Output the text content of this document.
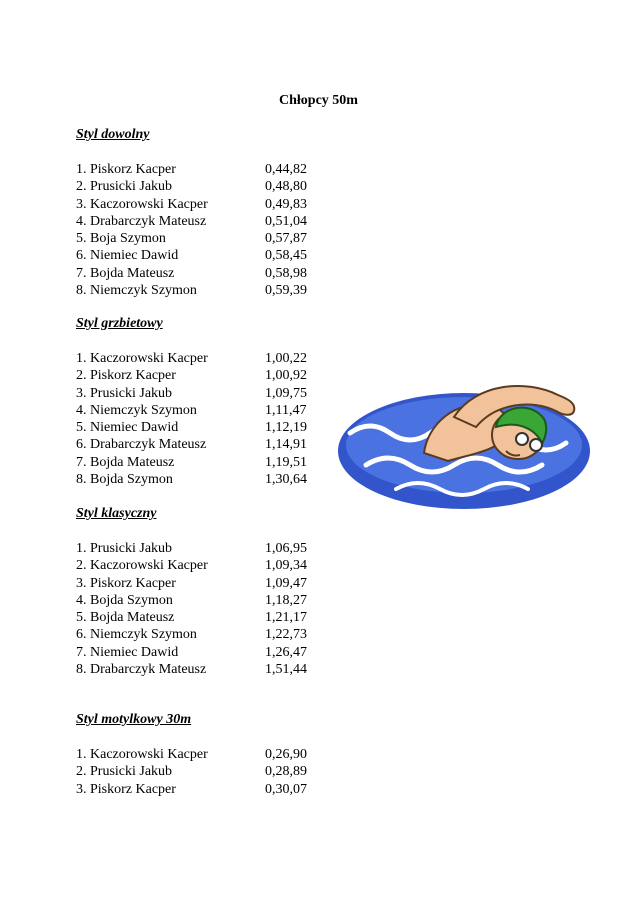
Chłopcy 50m
Styl dowolny
1. Piskorz Kacper	0,44,82
2. Prusicki Jakub	0,48,80
3. Kaczorowski Kacper	0,49,83
4. Drabarczyk Mateusz	0,51,04
5. Boja Szymon	0,57,87
6. Niemiec Dawid	0,58,45
7. Bojda Mateusz	0,58,98
8. Niemczyk Szymon	0,59,39
Styl grzbietowy
1. Kaczorowski Kacper	1,00,22
2. Piskorz Kacper	1,00,92
3. Prusicki Jakub	1,09,75
4. Niemczyk Szymon	1,11,47
5. Niemiec Dawid	1,12,19
6. Drabarczyk Mateusz	1,14,91
7. Bojda Mateusz	1,19,51
8. Bojda Szymon	1,30,64
Styl klasyczny
1. Prusicki Jakub	1,06,95
2. Kaczorowski Kacper	1,09,34
3. Piskorz Kacper	1,09,47
4. Bojda Szymon	1,18,27
5. Bojda Mateusz	1,21,17
6. Niemczyk Szymon	1,22,73
7. Niemiec Dawid	1,26,47
8. Drabarczyk Mateusz	1,51,44
Styl motylkowy 30m
1. Kaczorowski Kacper	0,26,90
2. Prusicki Jakub	0,28,89
3. Piskorz Kacper	0,30,07
